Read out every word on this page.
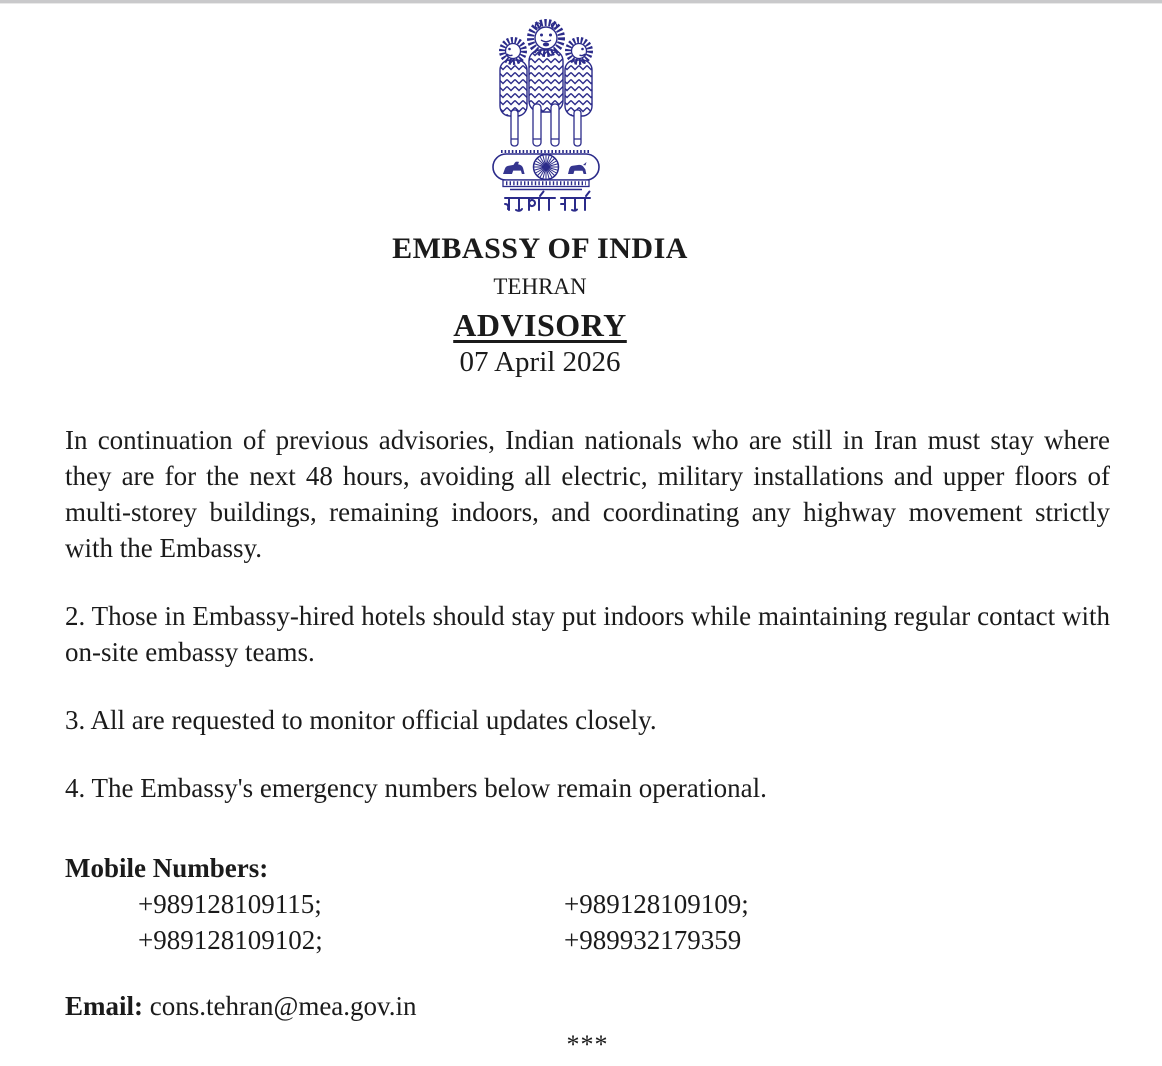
EMBASSY OF INDIA
TEHRAN
ADVISORY
07 April 2026

In continuation of previous advisories, Indian nationals who are still in Iran must stay where they are for the next 48 hours, avoiding all electric, military installations and upper floors of multi-storey buildings, remaining indoors, and coordinating any highway movement strictly with the Embassy.

2. Those in Embassy-hired hotels should stay put indoors while maintaining regular contact with on-site embassy teams.

3. All are requested to monitor official updates closely.

4. The Embassy's emergency numbers below remain operational.

Mobile Numbers:
+989128109115;	+989128109109;
+989128109102;	+989932179359
Email: cons.tehran@mea.gov.in
***
